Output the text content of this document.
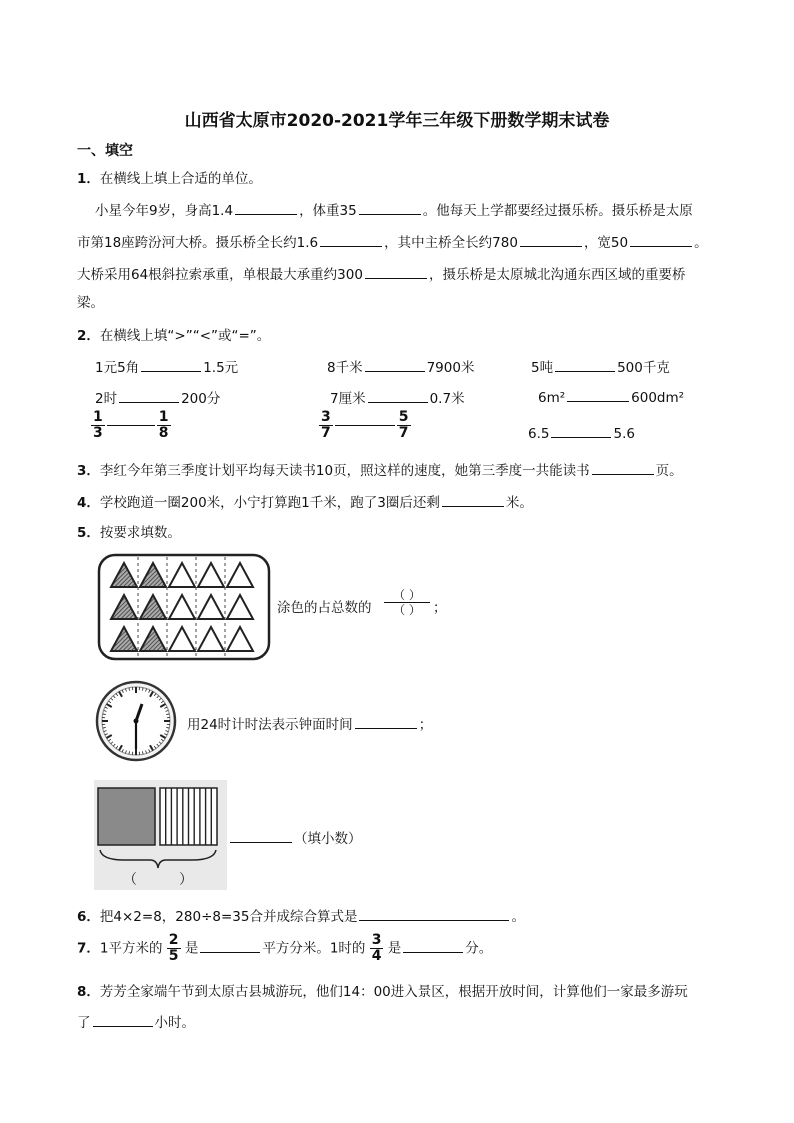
山西省太原市2020-2021学年三年级下册数学期末试卷
一、填空
1．在横线上填上合适的单位。
小星今年9岁，身高1.4	，体重35	。他每天上学都要经过摄乐桥。摄乐桥是太原
市第18座跨汾河大桥。摄乐桥全长约1.6	，其中主桥全长约780	，宽50	。
大桥采用64根斜拉索承重，单根最大承重约300	，摄乐桥是太原城北沟通东西区域的重要桥
梁。
2．在横线上填“>”“<”或“=”。
1元5角	1.5元	8千米	7900米	5吨	500千克
2时	200分	7厘米	0.7米	6m²	600dm²
$\frac{1}{3}$	$\frac{1}{8}$	$\frac{3}{7}$	$\frac{5}{7}$	6.5	5.6
3．李红今年第三季度计划平均每天读书10页，照这样的速度，她第三季度一共能读书	页。
4．学校跑道一圈200米，小宁打算跑1千米，跑了3圈后还剩	米。
5．按要求填数。
涂色的占总数的
（ ）
（ ） ；
用24时计时法表示钟面时间	；
（　　　）
（填小数）
6．把4×2=8，280÷8=35合并成综合算式是	。
7．1平方米的 $\frac{2}{5}$ 是	平方分米。1时的 $\frac{3}{4}$ 是	分。
8．芳芳全家端午节到太原古县城游玩，他们14：00进入景区，根据开放时间，计算他们一家最多游玩
了	小时。
